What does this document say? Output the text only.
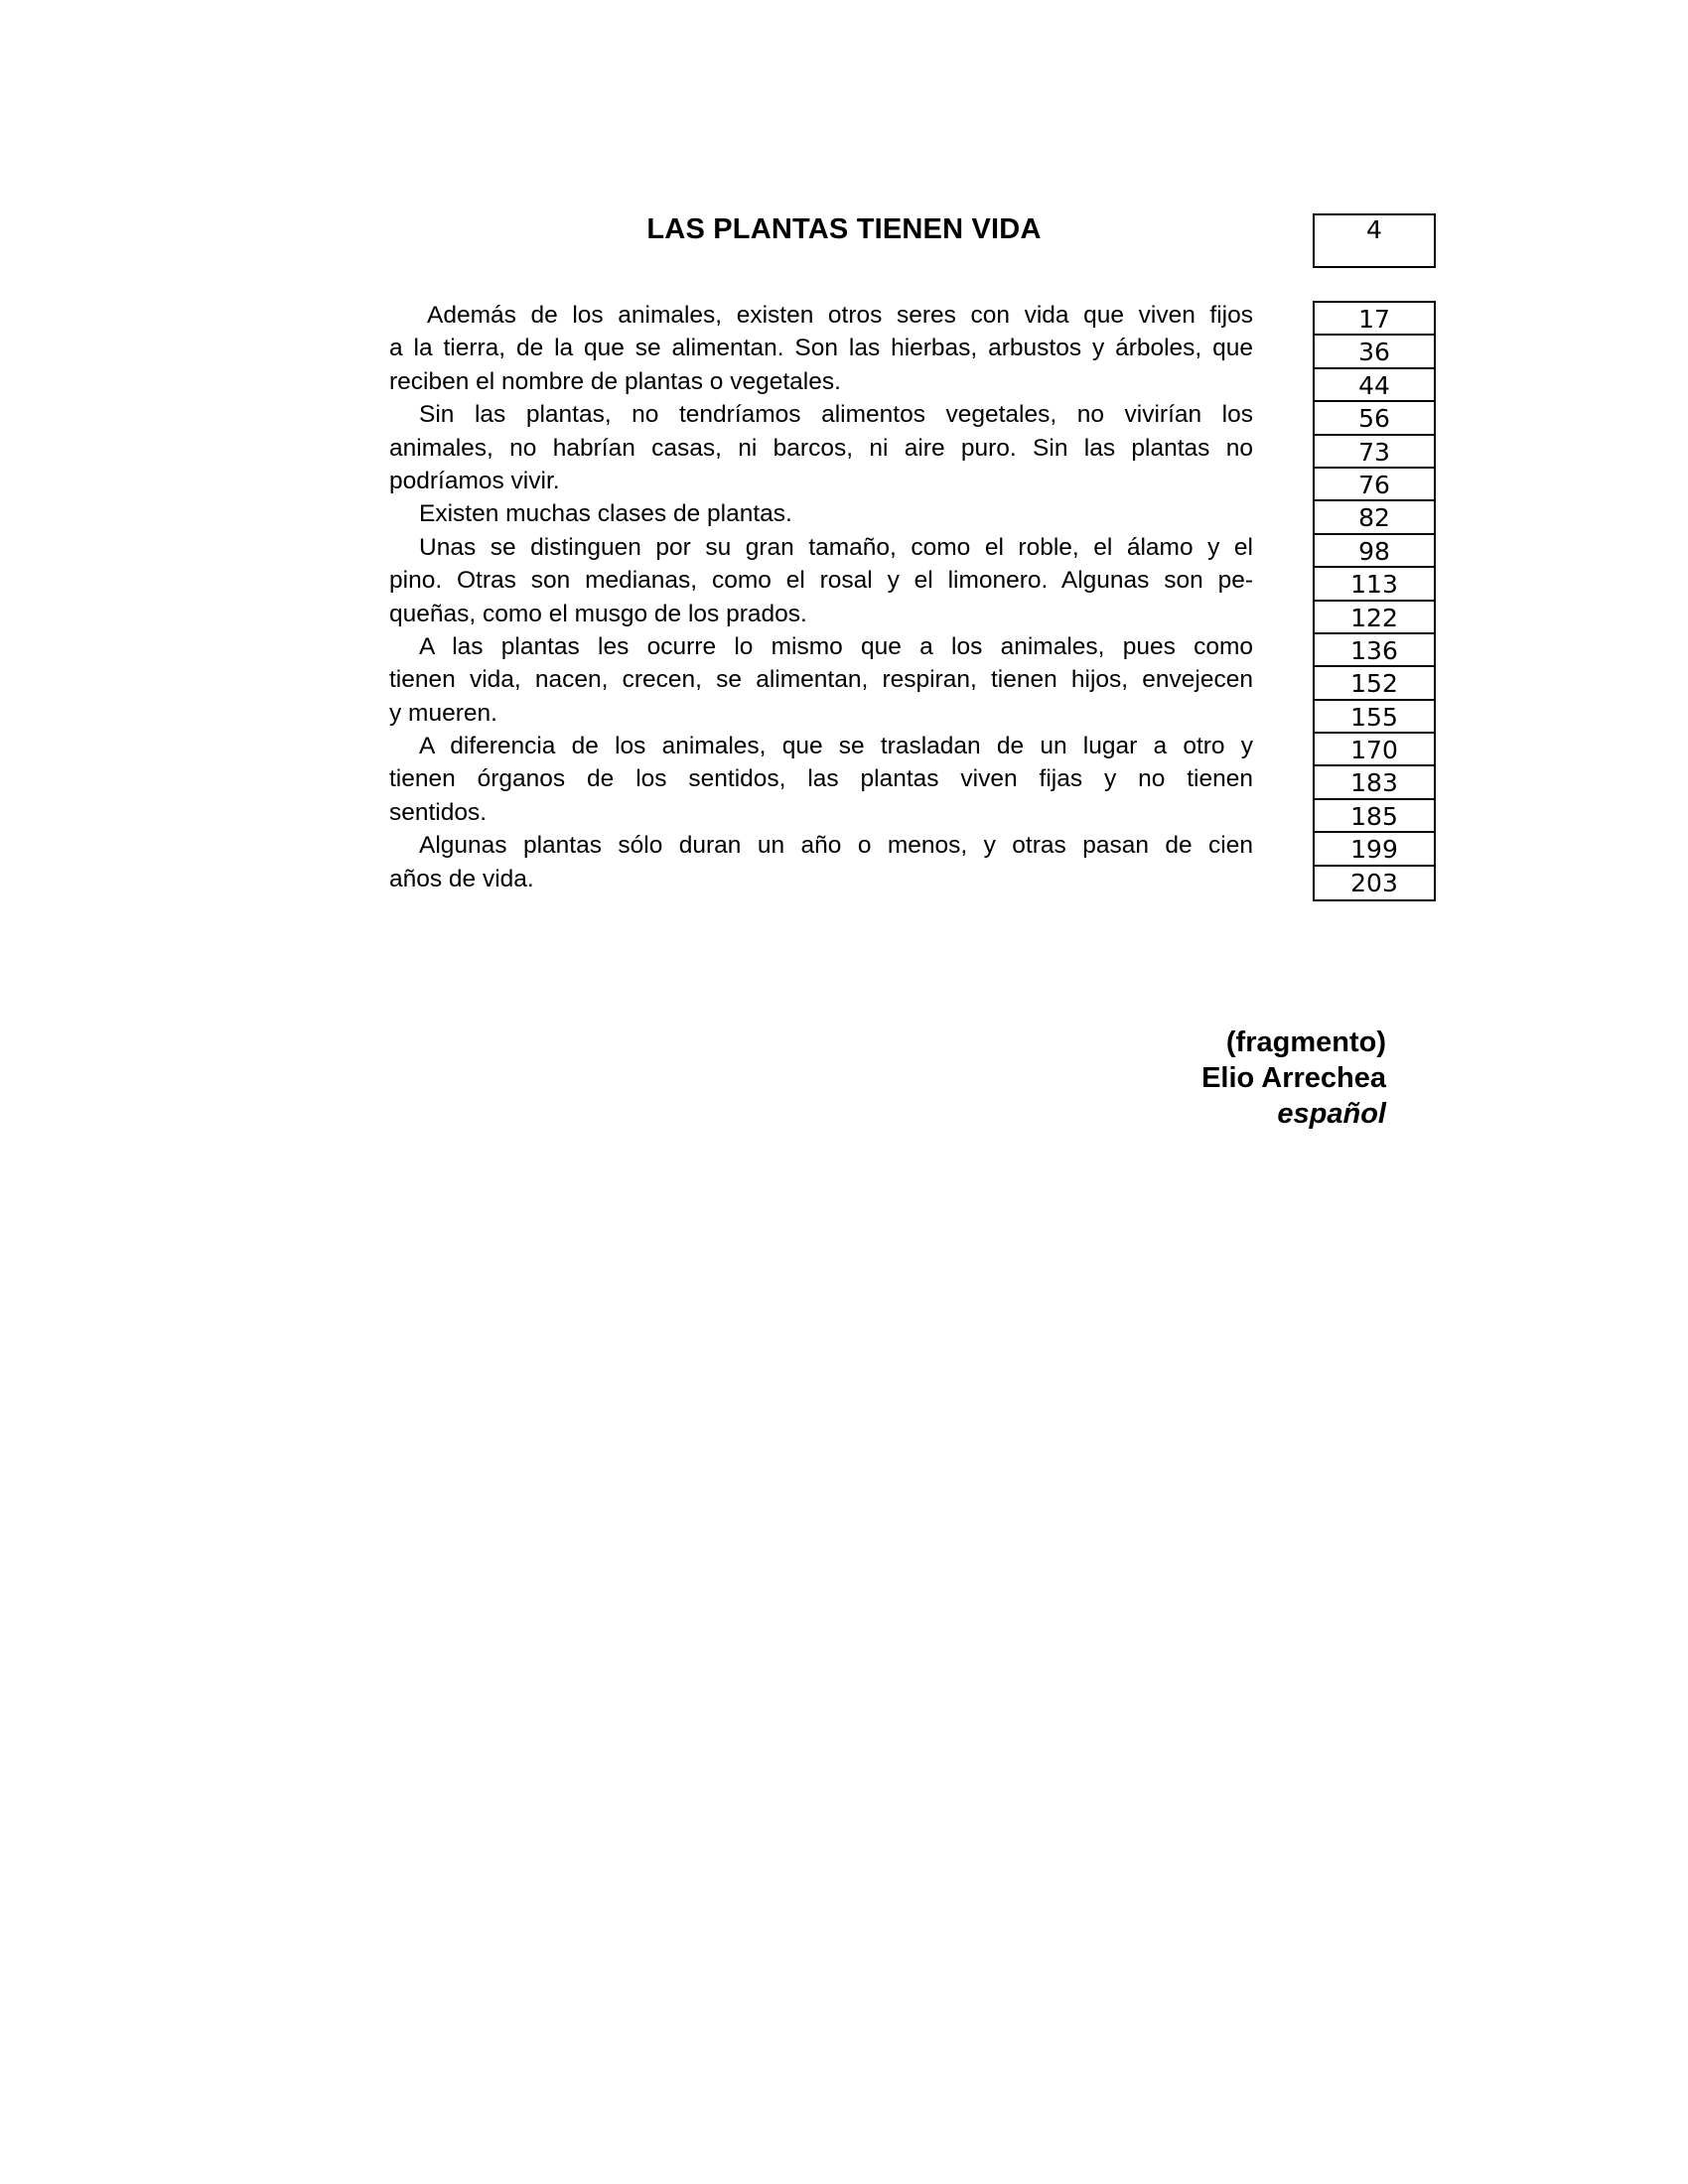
LAS PLANTAS TIENEN VIDA	4
Además de los animales, existen otros seres con vida que viven fijos
a la tierra, de la que se alimentan. Son las hierbas, arbustos y árboles, que
reciben el nombre de plantas o vegetales.
Sin las plantas, no tendríamos alimentos vegetales, no vivirían los
animales, no habrían casas, ni barcos, ni aire puro. Sin las plantas no
podríamos vivir.
Existen muchas clases de plantas.
Unas se distinguen por su gran tamaño, como el roble, el álamo y el
pino. Otras son medianas, como el rosal y el limonero. Algunas son pe-
queñas, como el musgo de los prados.
A las plantas les ocurre lo mismo que a los animales, pues como
tienen vida, nacen, crecen, se alimentan, respiran, tienen hijos, envejecen
y mueren.
A diferencia de los animales, que se trasladan de un lugar a otro y
tienen órganos de los sentidos, las plantas viven fijas y no tienen
sentidos.
Algunas plantas sólo duran un año o menos, y otras pasan de cien
años de vida.
17
36
44
56
73
76
82
98
113
122
136
152
155
170
183
185
199
203
(fragmento)
Elio Arrechea
español
